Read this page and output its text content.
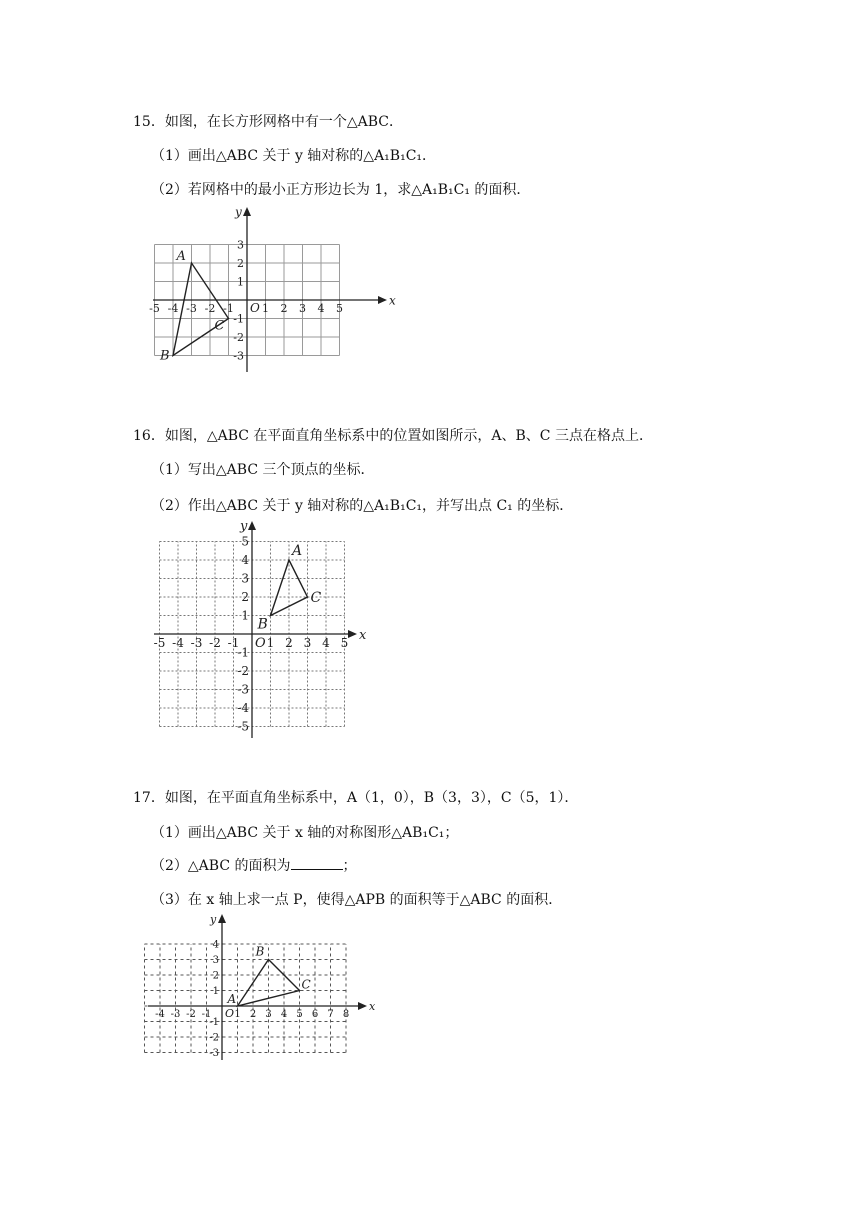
15．如图，在长方形网格中有一个△ABC．
（1）画出△ABC 关于 y 轴对称的△A₁B₁C₁．
（2）若网格中的最小正方形边长为 1，求△A₁B₁C₁ 的面积．
-5 -4 -3 -2 -1	1 2 3 4 5
3
2
1
-1
-2
-3
O
x
y
A
B
C
16．如图，△ABC 在平面直角坐标系中的位置如图所示，A、B、C 三点在格点上．
（1）写出△ABC 三个顶点的坐标．
（2）作出△ABC 关于 y 轴对称的△A₁B₁C₁，并写出点 C₁ 的坐标．
-5 -4 -3 -2 -1 1 2 3 4 5
5
4
3
2
1
-1
-2
-3
-4
-5
O
x
y
A
B
C
17．如图，在平面直角坐标系中，A（1，0），B（3，3），C（5，1）．
（1）画出△ABC 关于 x 轴的对称图形△AB₁C₁；
（2）△ABC 的面积为	；
（3）在 x 轴上求一点 P，使得△APB 的面积等于△ABC 的面积．
-4 -3 -2 -1 1 2 3 4 5 6 7 8
4
3
2
1
-1
-2
-3
O
x
y
A
B
C
